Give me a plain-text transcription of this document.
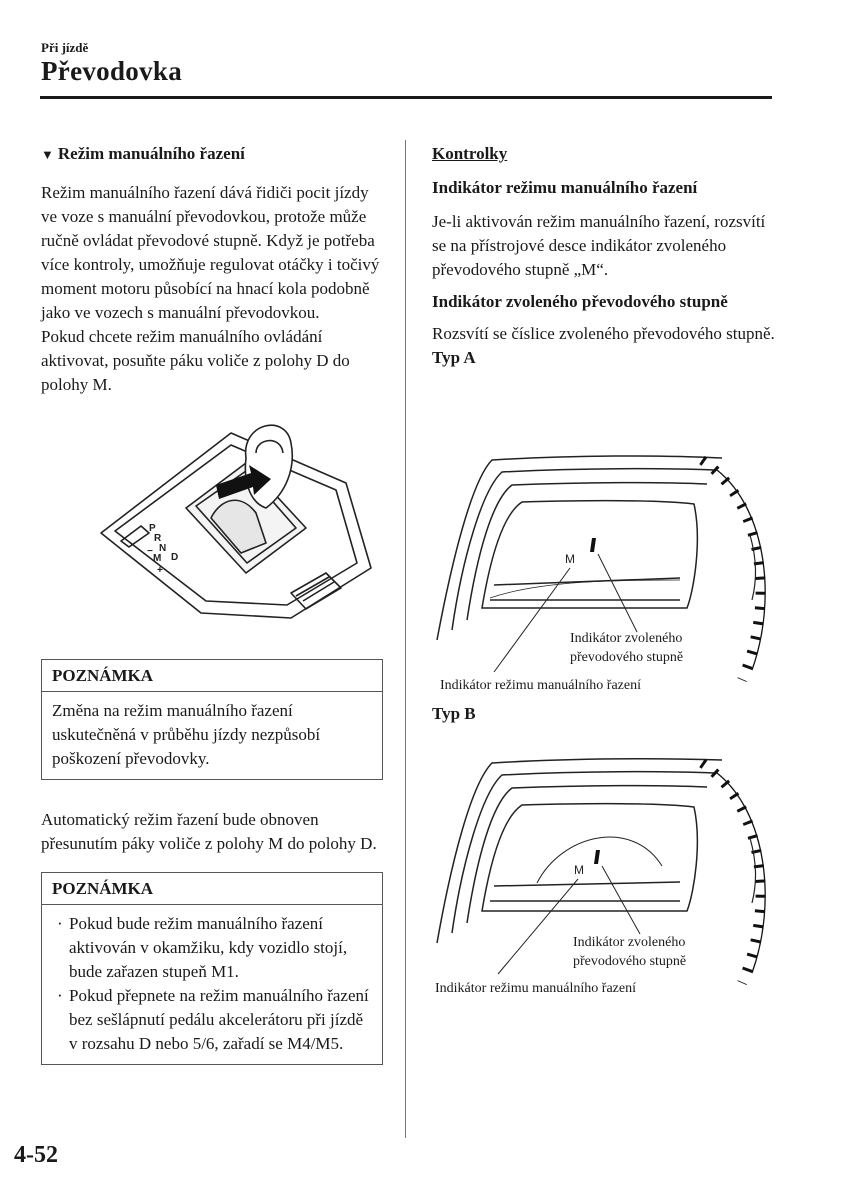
Při jízdě
Převodovka
▼ Režim manuálního řazení

Režim manuálního řazení dává řidiči pocit jízdy ve voze s manuální převodovkou, protože může ručně ovládat převodové stupně. Když je potřeba více kontroly, umožňuje regulovat otáčky i točivý moment motoru působící na hnací kola podobně jako ve vozech s manuální převodovkou.

Pokud chcete režim manuálního ovládání aktivovat, posuňte páku voliče z polohy D do polohy M.

P
R
N
M D
+
−
POZNÁMKA
Změna na režim manuálního řazení uskutečněná v průběhu jízdy nezpůsobí poškození převodovky.

Automatický režim řazení bude obnoven přesunutím páky voliče z polohy M do polohy D.

POZNÁMKA
· Pokud bude režim manuálního řazení aktivován v okamžiku, kdy vozidlo stojí, bude zařazen stupeň M1.
· Pokud přepnete na režim manuálního řazení bez sešlápnutí pedálu akcelerátoru při jízdě v rozsahu D nebo 5/6, zařadí se M4/M5.
Kontrolky
Indikátor režimu manuálního řazení

Je-li aktivován režim manuálního řazení, rozsvítí se na přístrojové desce indikátor zvoleného převodového stupně „M“.

Indikátor zvoleného převodového stupně

Rozsvítí se číslice zvoleného převodového stupně.

Typ A
M
Indikátor zvoleného
převodového stupně
Indikátor režimu manuálního řazení
Typ B
M
Indikátor zvoleného
převodového stupně
Indikátor režimu manuálního řazení
4-52
